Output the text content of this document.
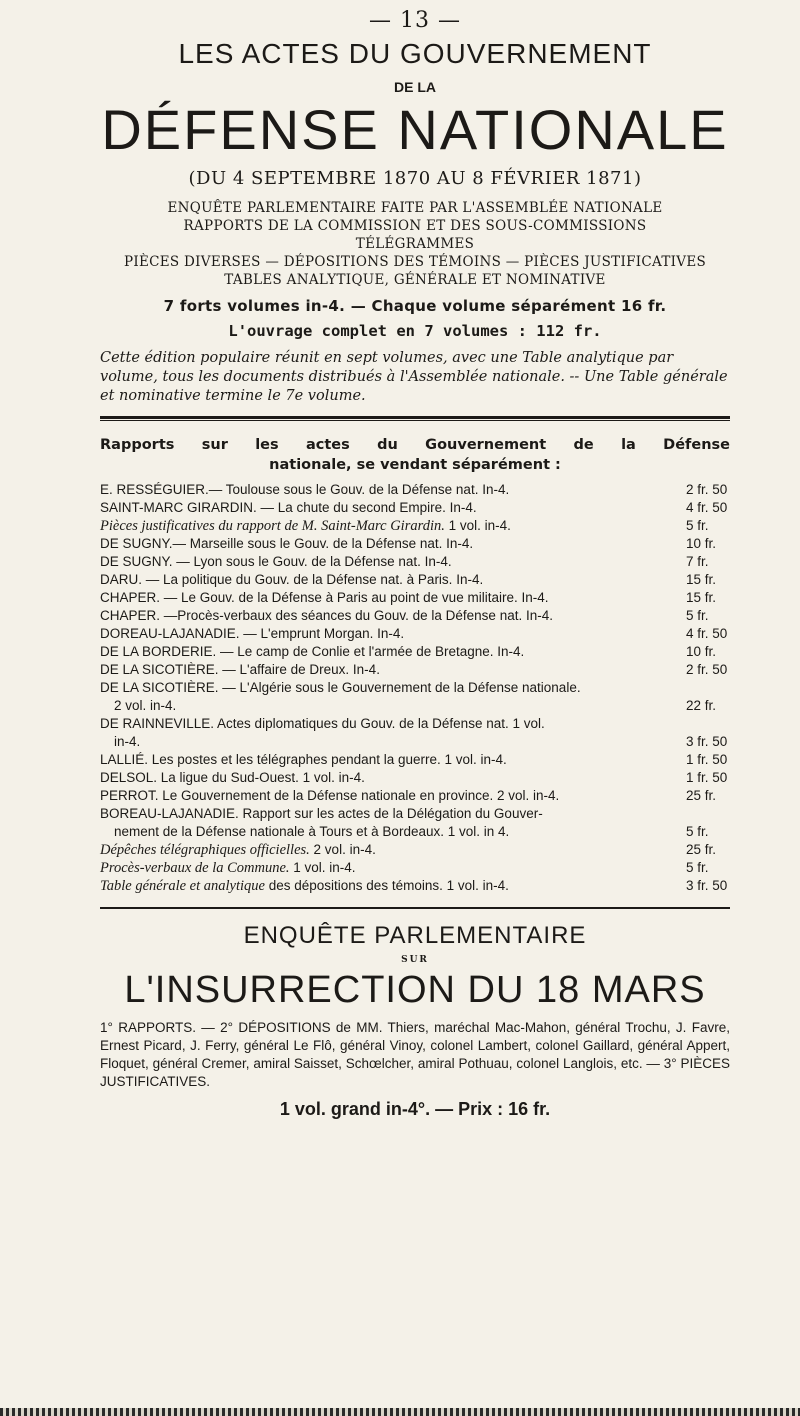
— 13 —
LES ACTES DU GOUVERNEMENT
DE LA
DÉFENSE NATIONALE
(DU 4 SEPTEMBRE 1870 AU 8 FÉVRIER 1871)
ENQUÊTE PARLEMENTAIRE FAITE PAR L'ASSEMBLÉE NATIONALE
RAPPORTS DE LA COMMISSION ET DES SOUS-COMMISSIONS
TÉLÉGRAMMES
PIÈCES DIVERSES — DÉPOSITIONS DES TÉMOINS — PIÈCES JUSTIFICATIVES
TABLES ANALYTIQUE, GÉNÉRALE ET NOMINATIVE
7 forts volumes in-4. — Chaque volume séparément 16 fr.
L'ouvrage complet en 7 volumes : 112 fr.
Cette édition populaire réunit en sept volumes, avec une Table analytique par volume, tous les documents distribués à l'Assemblée nationale. -- Une Table générale et nominative termine le 7e volume.
Rapports sur les actes du Gouvernement de la Défense
nationale, se vendant séparément :
E. RESSÉGUIER.— Toulouse sous le Gouv. de la Défense nat. In-4.	2 fr. 50
SAINT-MARC GIRARDIN. — La chute du second Empire. In-4.	4 fr. 50
Pièces justificatives du rapport de M. Saint-Marc Girardin. 1 vol. in-4.	5 fr.
DE SUGNY.— Marseille sous le Gouv. de la Défense nat. In-4.	10 fr.
DE SUGNY. — Lyon sous le Gouv. de la Défense nat. In-4.	7 fr.
DARU. — La politique du Gouv. de la Défense nat. à Paris. In-4.	15 fr.
CHAPER. — Le Gouv. de la Défense à Paris au point de vue militaire. In-4.	15 fr.
CHAPER. —Procès-verbaux des séances du Gouv. de la Défense nat. In-4.	5 fr.
DOREAU-LAJANADIE. — L'emprunt Morgan. In-4.	4 fr. 50
DE LA BORDERIE. — Le camp de Conlie et l'armée de Bretagne. In-4.	10 fr.
DE LA SICOTIÈRE. — L'affaire de Dreux. In-4.	2 fr. 50
DE LA SICOTIÈRE. — L'Algérie sous le Gouvernement de la Défense nationale.
2 vol. in-4.	22 fr.
DE RAINNEVILLE. Actes diplomatiques du Gouv. de la Défense nat. 1 vol.
in-4.	3 fr. 50
LALLIÉ. Les postes et les télégraphes pendant la guerre. 1 vol. in-4.	1 fr. 50
DELSOL. La ligue du Sud-Ouest. 1 vol. in-4.	1 fr. 50
PERROT. Le Gouvernement de la Défense nationale en province. 2 vol. in-4.	25 fr.
BOREAU-LAJANADIE. Rapport sur les actes de la Délégation du Gouver-
nement de la Défense nationale à Tours et à Bordeaux. 1 vol. in 4.	5 fr.
Dépêches télégraphiques officielles. 2 vol. in-4.	25 fr.
Procès-verbaux de la Commune. 1 vol. in-4.	5 fr.
Table générale et analytique des dépositions des témoins. 1 vol. in-4.	3 fr. 50
ENQUÊTE PARLEMENTAIRE
SUR
L'INSURRECTION DU 18 MARS
1° RAPPORTS. — 2° DÉPOSITIONS de MM. Thiers, maréchal Mac-Mahon, général Trochu, J. Favre, Ernest Picard, J. Ferry, général Le Flô, général Vinoy, colonel Lambert, colonel Gaillard, général Appert, Floquet, général Cremer, amiral Saisset, Schœlcher, amiral Pothuau, colonel Langlois, etc. — 3° PIÈCES JUSTIFICATIVES.
1 vol. grand in-4°. — Prix : 16 fr.
